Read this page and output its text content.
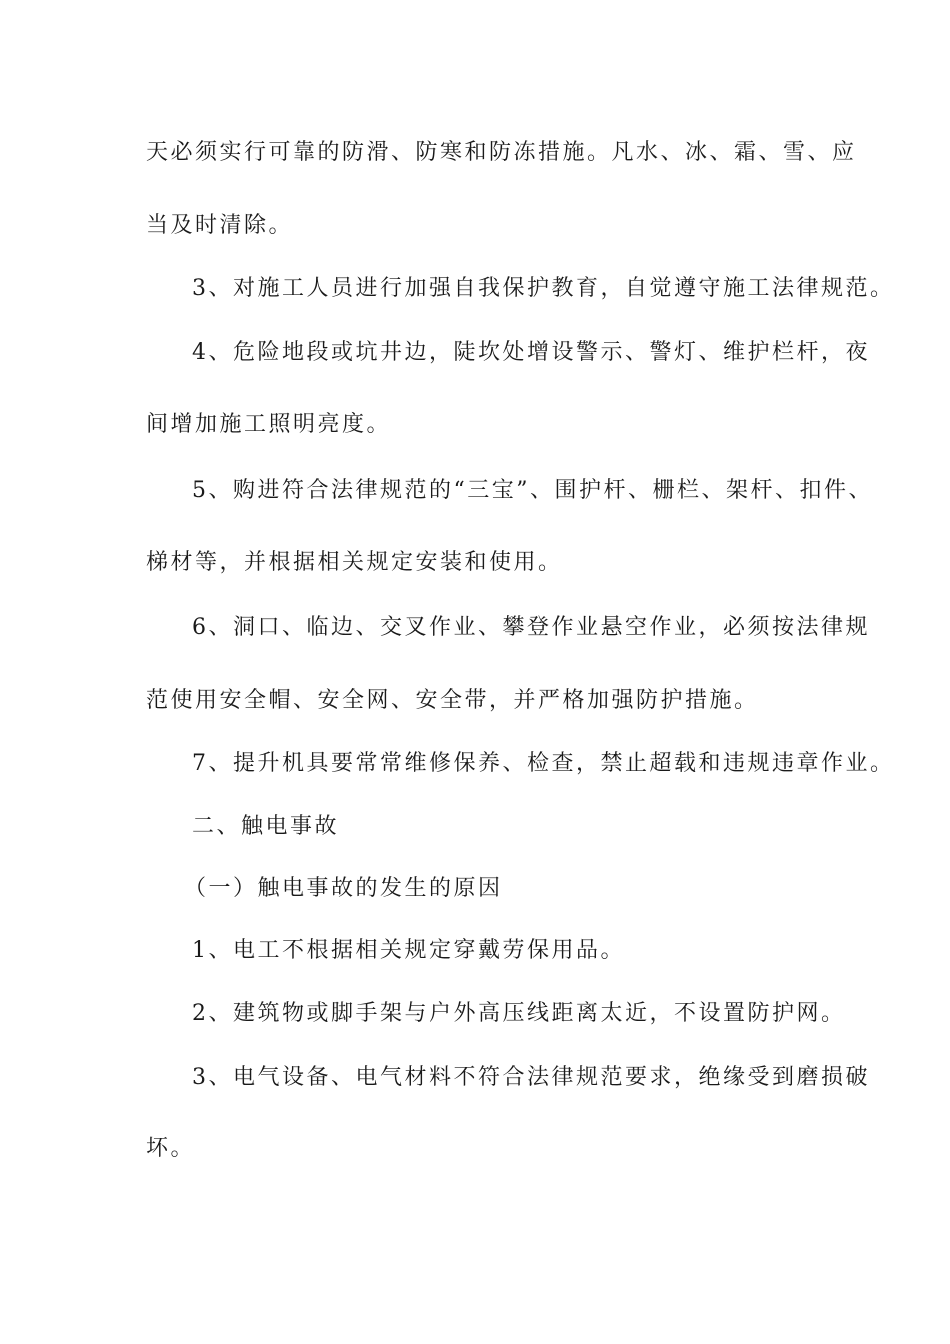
天必须实行可靠的防滑、防寒和防冻措施。凡水、冰、霜、雪、应
当及时清除。
3、对施工人员进行加强自我保护教育，自觉遵守施工法律规范。
4、危险地段或坑井边，陡坎处增设警示、警灯、维护栏杆，夜
间增加施工照明亮度。
5、购进符合法律规范的“三宝”、围护杆、栅栏、架杆、扣件、
梯材等，并根据相关规定安装和使用。
6、洞口、临边、交叉作业、攀登作业悬空作业，必须按法律规
范使用安全帽、安全网、安全带，并严格加强防护措施。
7、提升机具要常常维修保养、检查，禁止超载和违规违章作业。
二、触电事故
（一）触电事故的发生的原因
1、电工不根据相关规定穿戴劳保用品。
2、建筑物或脚手架与户外高压线距离太近，不设置防护网。
3、电气设备、电气材料不符合法律规范要求，绝缘受到磨损破
坏。
